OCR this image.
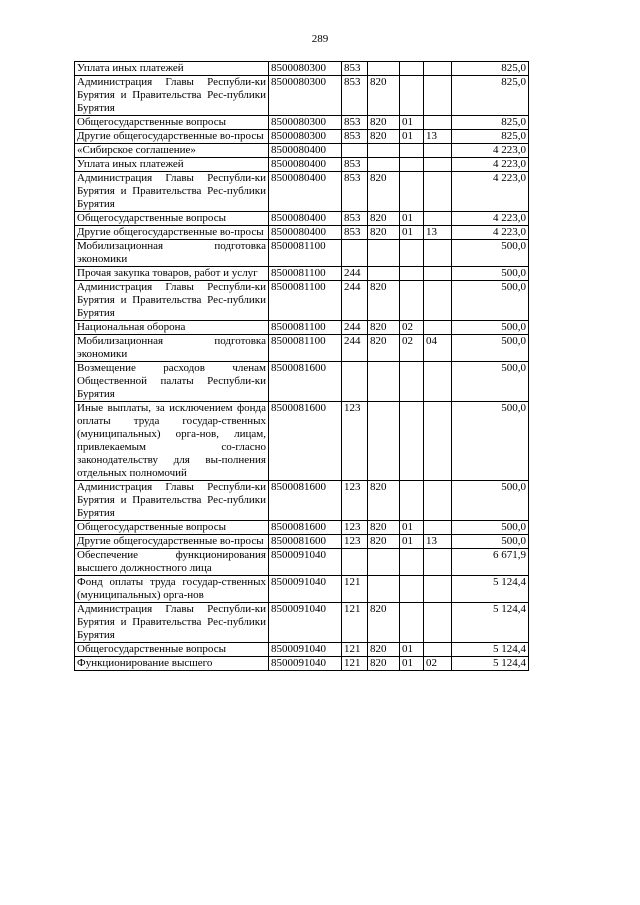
289
Уплата иных платежей	8500080300	853				825,0
Администрация Главы Республи-ки Бурятия и Правительства Рес-публики Бурятия	8500080300	853	820			825,0
Общегосударственные вопросы	8500080300	853	820	01		825,0
Другие общегосударственные во-просы	8500080300	853	820	01	13	825,0
«Сибирское соглашение»	8500080400					4 223,0
Уплата иных платежей	8500080400	853				4 223,0
Администрация Главы Республи-ки Бурятия и Правительства Рес-публики Бурятия	8500080400	853	820			4 223,0
Общегосударственные вопросы	8500080400	853	820	01		4 223,0
Другие общегосударственные во-просы	8500080400	853	820	01	13	4 223,0
Мобилизационная подготовка экономики	8500081100					500,0
Прочая закупка товаров, работ и услуг	8500081100	244				500,0
Администрация Главы Республи-ки Бурятия и Правительства Рес-публики Бурятия	8500081100	244	820			500,0
Национальная оборона	8500081100	244	820	02		500,0
Мобилизационная подготовка экономики	8500081100	244	820	02	04	500,0
Возмещение расходов членам Общественной палаты Республи-ки Бурятия	8500081600					500,0
Иные выплаты, за исключением фонда оплаты труда государ-ственных (муниципальных) орга-нов, лицам, привлекаемым со-гласно законодательству для вы-полнения отдельных полномочий	8500081600	123				500,0
Администрация Главы Республи-ки Бурятия и Правительства Рес-публики Бурятия	8500081600	123	820			500,0
Общегосударственные вопросы	8500081600	123	820	01		500,0
Другие общегосударственные во-просы	8500081600	123	820	01	13	500,0
Обеспечение функционирования высшего должностного лица	8500091040					6 671,9
Фонд оплаты труда государ-ственных (муниципальных) орга-нов	8500091040	121				5 124,4
Администрация Главы Республи-ки Бурятия и Правительства Рес-публики Бурятия	8500091040	121	820			5 124,4
Общегосударственные вопросы	8500091040	121	820	01		5 124,4
Функционирование высшего	8500091040	121	820	01	02	5 124,4
